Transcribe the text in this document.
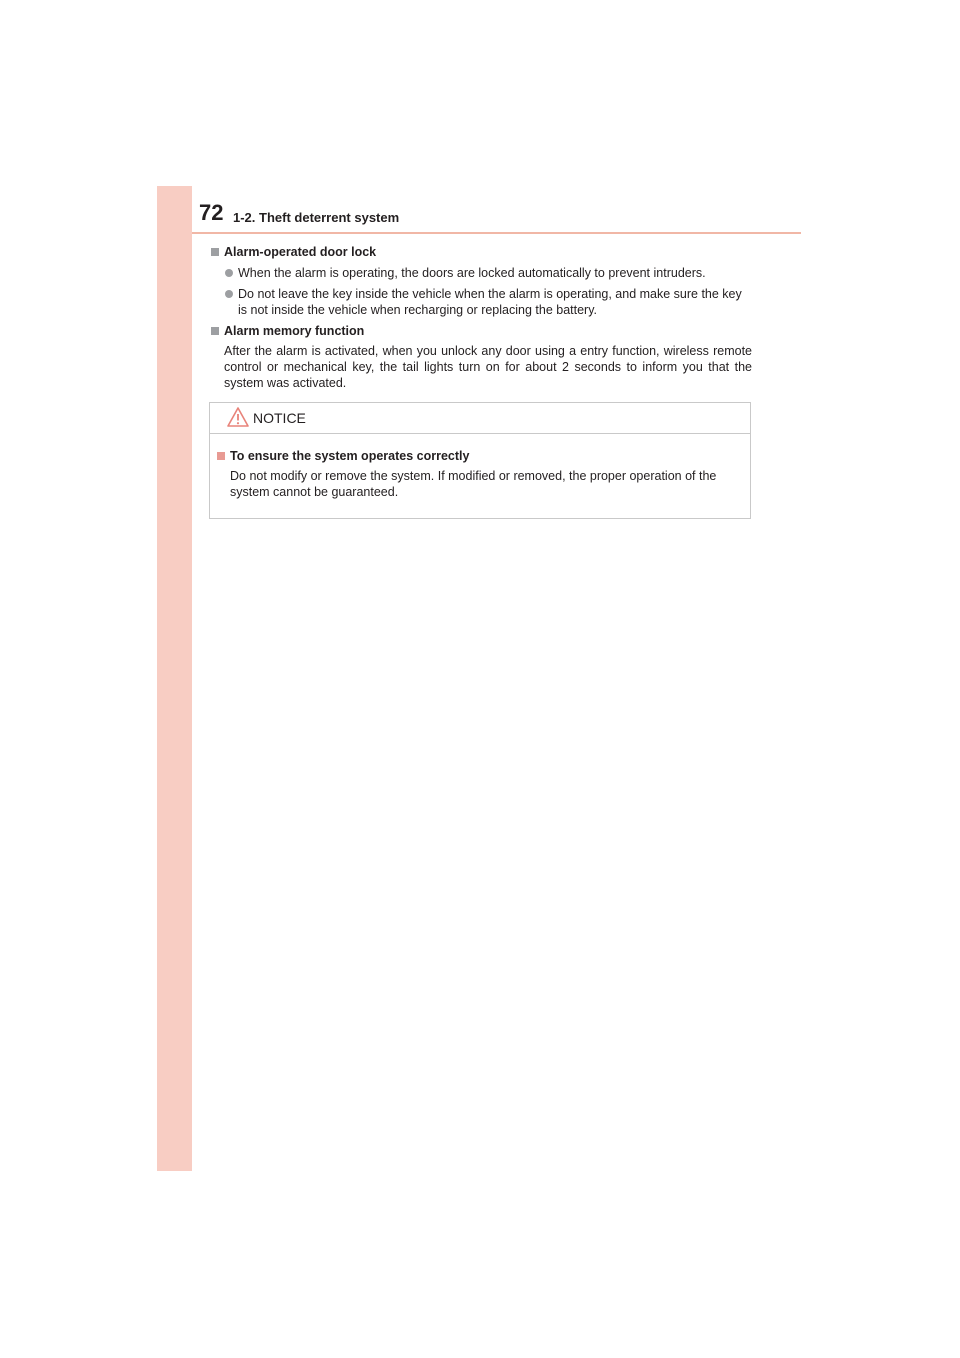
72 1-2. Theft deterrent system
Alarm-operated door lock
When the alarm is operating, the doors are locked automatically to prevent intruders.
Do not leave the key inside the vehicle when the alarm is operating, and make sure the key is not inside the vehicle when recharging or replacing the battery.
Alarm memory function
After the alarm is activated, when you unlock any door using a entry function, wireless remote control or mechanical key, the tail lights turn on for about 2 seconds to inform you that the system was activated.
NOTICE
To ensure the system operates correctly
Do not modify or remove the system. If modified or removed, the proper operation of the system cannot be guaranteed.
